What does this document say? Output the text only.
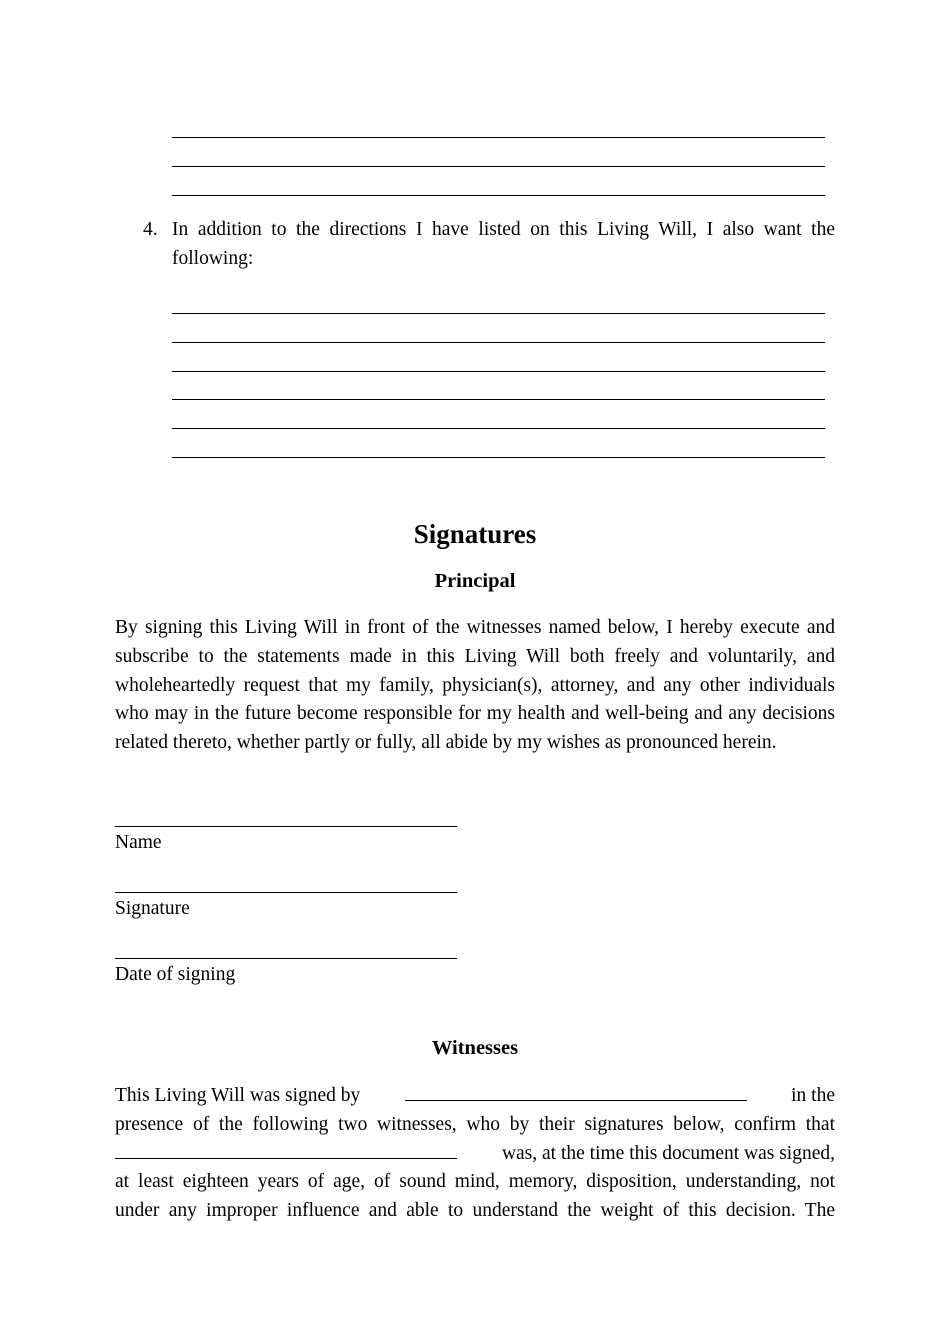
4. In addition to the directions I have listed on this Living Will, I also want the following:
Signatures
Principal
By signing this Living Will in front of the witnesses named below, I hereby execute and subscribe to the statements made in this Living Will both freely and voluntarily, and wholeheartedly request that my family, physician(s), attorney, and any other individuals who may in the future become responsible for my health and well-being and any decisions related thereto, whether partly or fully, all abide by my wishes as pronounced herein.
Name
Signature
Date of signing
Witnesses
This Living Will was signed by	in the
presence of the following two witnesses, who by their signatures below, confirm that
was, at the time this document was signed,
at least eighteen years of age, of sound mind, memory, disposition, understanding, not under any improper influence and able to understand the weight of this decision. The
